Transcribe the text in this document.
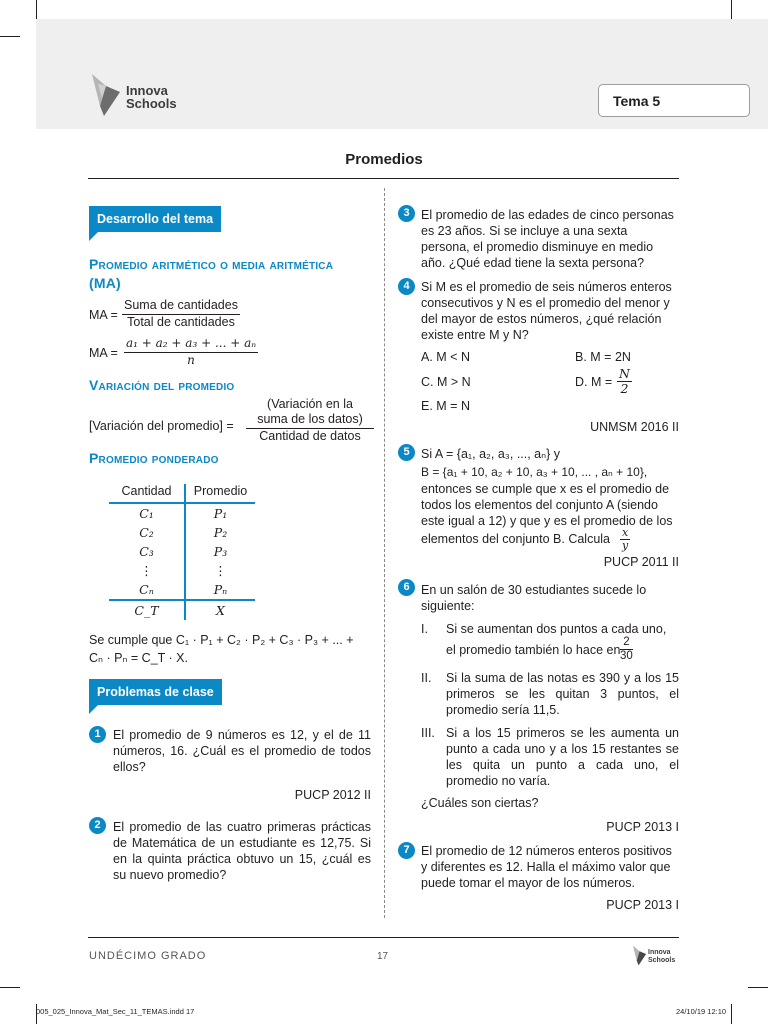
Innova
Schools	Tema 5
Promedios
Desarrollo del tema
Promedio aritmético o media aritmética
(MA)
MA =
Suma de cantidades
Total de cantidades
MA = $\frac{\text{a₁ + a₂ + a₃ + ... + aₙ}}{n}$
Variación del promedio
[Variación del promedio] =
(Variación en la suma de los datos)
Cantidad de datos
Promedio ponderado
Cantidad	Promedio
C₁	P₁
C₂	P₂
C₃	P₃
⋮	⋮
Cₙ	Pₙ
C_T	X
Se cumple que C₁ · P₁ + C₂ · P₂ + C₃ · P₃ + ... +
Cₙ · Pₙ = C_T · X.
Problemas de clase
1 El promedio de 9 números es 12, y el de 11 números, 16. ¿Cuál es el promedio de todos ellos?
PUCP 2012 II
2 El promedio de las cuatro primeras prácticas de Matemática de un estudiante es 12,75. Si en la quinta práctica obtuvo un 15, ¿cuál es su nuevo promedio?
3 El promedio de las edades de cinco personas es 23 años. Si se incluye a una sexta persona, el promedio disminuye en medio año. ¿Qué edad tiene la sexta persona?
4 Si M es el promedio de seis números enteros consecutivos y N es el promedio del menor y del mayor de estos números, ¿qué relación existe entre M y N?
A. M < N	B. M = 2N
C. M > N	D. $M = \frac{N}{2}$
E. M = N
UNMSM 2016 II
5 Si A = {a₁, a₂, a₃, ..., aₙ} y
B = {a₁ + 10, a₂ + 10, a₃ + 10, ... , aₙ + 10},
entonces se cumple que x es el promedio de todos los elementos del conjunto A (siendo este igual a 12) y que y es el promedio de los
elementos del conjunto B. Calcula $\frac{x}{y}$
PUCP 2011 II
6 En un salón de 30 estudiantes sucede lo siguiente:
I. Si se aumentan dos puntos a cada uno,
el promedio también lo hace en $\frac{2}{30}$
II. Si la suma de las notas es 390 y a los 15 primeros se les quitan 3 puntos, el promedio sería 11,5.
III. Si a los 15 primeros se les aumenta un punto a cada uno y a los 15 restantes se les quita un punto a cada uno, el promedio no varía.
¿Cuáles son ciertas?
PUCP 2013 I
7 El promedio de 12 números enteros positivos y diferentes es 12. Halla el máximo valor que puede tomar el mayor de los números.
PUCP 2013 I
UNDÉCIMO GRADO	17	Innova
Schools
005_025_Innova_Mat_Sec_11_TEMAS.indd 17	24/10/19 12:10
